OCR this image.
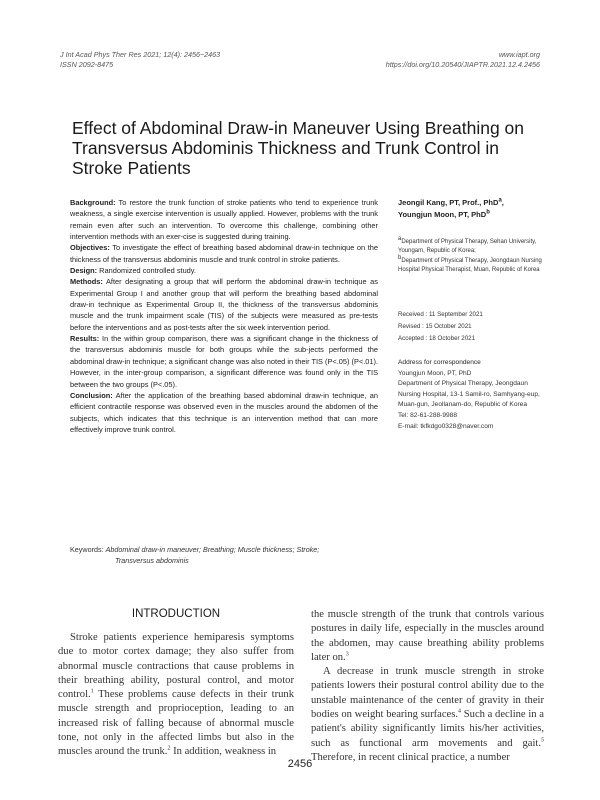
J Int Acad Phys Ther Res 2021; 12(4): 2456~2463
ISSN 2092-8475
www.iapt.org
https://doi.org/10.20540/JIAPTR.2021.12.4.2456
Effect of Abdominal Draw-in Maneuver Using Breathing on
Transversus Abdominis Thickness and Trunk Control in
Stroke Patients

Background: To restore the trunk function of stroke patients who tend to experience trunk weakness, a single exercise intervention is usually applied. However, problems with the trunk remain even after such an intervention. To overcome this challenge, combining other intervention methods with an exer-cise is suggested during training.

Objectives: To investigate the effect of breathing based abdominal draw-in technique on the thickness of the transversus abdominis muscle and trunk control in stroke patients.

Design: Randomized controlled study.

Methods: After designating a group that will perform the abdominal draw-in technique as Experimental Group I and another group that will perform the breathing based abdominal draw-in technique as Experimental Group II, the thickness of the transversus abdominis muscle and the trunk impairment scale (TIS) of the subjects were measured as pre-tests before the interventions and as post-tests after the six week intervention period.

Results: In the within group comparison, there was a significant change in the thickness of the transversus abdominis muscle for both groups while the sub-jects performed the abdominal draw-in technique; a significant change was also noted in their TIS (P<.05) (P<.01). However, in the inter-group comparison, a significant difference was found only in the TIS between the two groups (P<.05).

Conclusion: After the application of the breathing based abdominal draw-in technique, an efficient contractile response was observed even in the muscles around the abdomen of the subjects, which indicates that this technique is an intervention method that can more effectively improve trunk control.

Jeongil Kang, PT, Prof., PhD$^a$,
Youngjun Moon, PT, PhD$^b$

$^a$Department of Physical Therapy, Sehan University, Youngam, Republic of Korea;

$^b$Department of Physical Therapy, Jeongdaun Nursing Hospital Physical Therapist, Muan, Republic of Korea

Received : 11 September 2021

Revised : 15 October 2021

Accepted : 18 October 2021

Address for correspondence

Youngjun Moon, PT, PhD

Department of Physical Therapy, Jeongdaun Nursing Hospital, 13-1 Samil-ro, Samhyang-eup, Muan-gun, Jeollanam-do, Republic of Korea

Tel: 82-61-288-9988

E-mail: tkfkdgo0328@naver.com

Keywords: Abdominal draw-in maneuver; Breathing; Muscle thickness; Stroke;
Transversus abdominis
INTRODUCTION

Stroke patients experience hemiparesis symptoms due to motor cortex damage; they also suffer from abnormal muscle contractions that cause problems in their breathing ability, postural control, and motor control.$^1$ These problems cause defects in their trunk muscle strength and proprioception, leading to an increased risk of falling because of abnormal muscle tone, not only in the affected limbs but also in the muscles around the trunk.$^2$ In addition, weakness in

the muscle strength of the trunk that controls various postures in daily life, especially in the muscles around the abdomen, may cause breathing ability problems later on.$^3$

A decrease in trunk muscle strength in stroke patients lowers their postural control ability due to the unstable maintenance of the center of gravity in their bodies on weight bearing surfaces.$^4$ Such a decline in a patient's ability significantly limits his/her activities, such as functional arm movements and gait.$^5$ Therefore, in recent clinical practice, a number

2456
